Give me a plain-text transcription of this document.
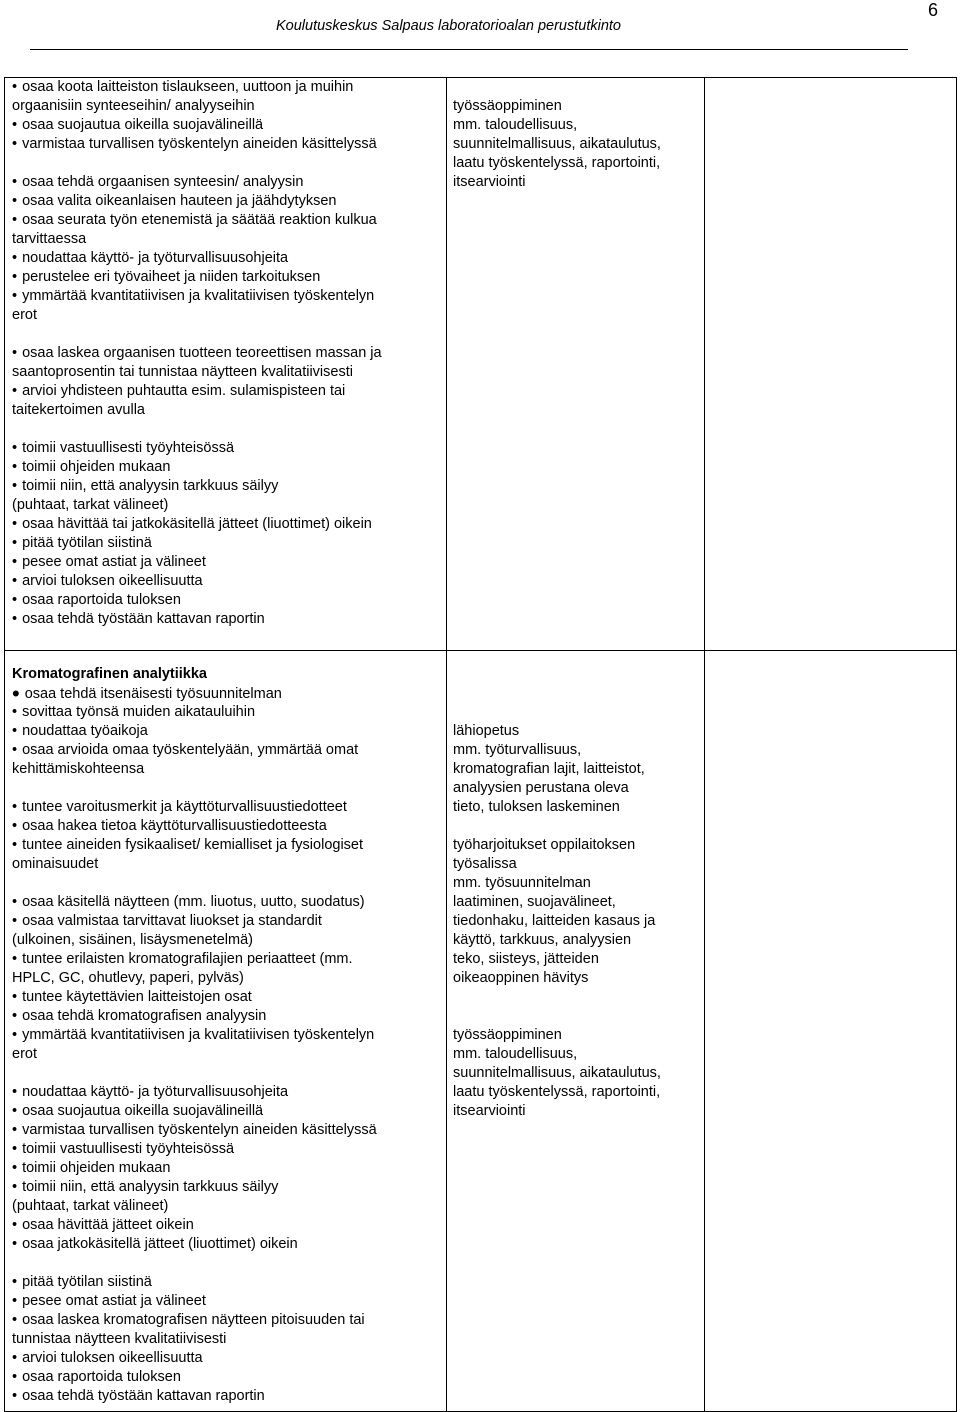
6
Koulutuskeskus Salpaus laboratorioalan perustutkinto
• osaa koota laitteiston tislaukseen, uuttoon ja muihin
orgaanisiin synteeseihin/ analyyseihin
• osaa suojautua oikeilla suojavälineillä
• varmistaa turvallisen työskentelyn aineiden käsittelyssä
• osaa tehdä orgaanisen synteesin/ analyysin
• osaa valita oikeanlaisen hauteen ja jäähdytyksen
• osaa seurata työn etenemistä ja säätää reaktion kulkua
tarvittaessa
• noudattaa käyttö- ja työturvallisuusohjeita
• perustelee eri työvaiheet ja niiden tarkoituksen
• ymmärtää kvantitatiivisen ja kvalitatiivisen työskentelyn
erot
• osaa laskea orgaanisen tuotteen teoreettisen massan ja
saantoprosentin tai tunnistaa näytteen kvalitatiivisesti
• arvioi yhdisteen puhtautta esim. sulamispisteen tai
taitekertoimen avulla
• toimii vastuullisesti työyhteisössä
• toimii ohjeiden mukaan
• toimii niin, että analyysin tarkkuus säilyy
(puhtaat, tarkat välineet)
• osaa hävittää tai jatkokäsitellä jätteet (liuottimet) oikein
• pitää työtilan siistinä
• pesee omat astiat ja välineet
• arvioi tuloksen oikeellisuutta
• osaa raportoida tuloksen
• osaa tehdä työstään kattavan raportin
työssäoppiminen
mm. taloudellisuus,
suunnitelmallisuus, aikataulutus,
laatu työskentelyssä, raportointi,
itsearviointi
Kromatografinen analytiikka
• osaa tehdä itsenäisesti työsuunnitelman
• sovittaa työnsä muiden aikatauluihin
• noudattaa työaikoja
• osaa arvioida omaa työskentelyään, ymmärtää omat
kehittämiskohteensa
• tuntee varoitusmerkit ja käyttöturvallisuustiedotteet
• osaa hakea tietoa käyttöturvallisuustiedotteesta
• tuntee aineiden fysikaaliset/ kemialliset ja fysiologiset
ominaisuudet
• osaa käsitellä näytteen (mm. liuotus, uutto, suodatus)
• osaa valmistaa tarvittavat liuokset ja standardit
(ulkoinen, sisäinen, lisäysmenetelmä)
• tuntee erilaisten kromatografilajien periaatteet (mm.
HPLC, GC, ohutlevy, paperi, pylväs)
• tuntee käytettävien laitteistojen osat
• osaa tehdä kromatografisen analyysin
• ymmärtää kvantitatiivisen ja kvalitatiivisen työskentelyn
erot
• noudattaa käyttö- ja työturvallisuusohjeita
• osaa suojautua oikeilla suojavälineillä
• varmistaa turvallisen työskentelyn aineiden käsittelyssä
• toimii vastuullisesti työyhteisössä
• toimii ohjeiden mukaan
• toimii niin, että analyysin tarkkuus säilyy
(puhtaat, tarkat välineet)
• osaa hävittää jätteet oikein
• osaa jatkokäsitellä jätteet (liuottimet) oikein
• pitää työtilan siistinä
• pesee omat astiat ja välineet
• osaa laskea kromatografisen näytteen pitoisuuden tai
tunnistaa näytteen kvalitatiivisesti
• arvioi tuloksen oikeellisuutta
• osaa raportoida tuloksen
• osaa tehdä työstään kattavan raportin
lähiopetus
mm. työturvallisuus,
kromatografian lajit, laitteistot,
analyysien perustana oleva
tieto, tuloksen laskeminen
työharjoitukset oppilaitoksen
työsalissa
mm. työsuunnitelman
laatiminen, suojavälineet,
tiedonhaku, laitteiden kasaus ja
käyttö, tarkkuus, analyysien
teko, siisteys, jätteiden
oikeaoppinen hävitys
työssäoppiminen
mm. taloudellisuus,
suunnitelmallisuus, aikataulutus,
laatu työskentelyssä, raportointi,
itsearviointi
